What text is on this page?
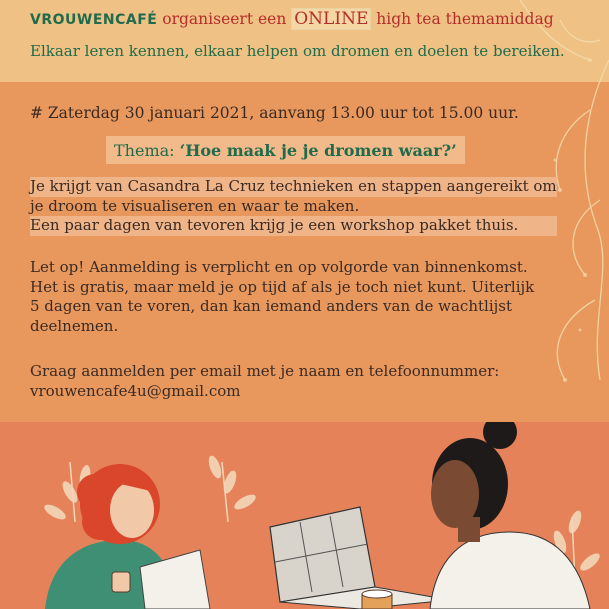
VROUWENCAFÉ organiseert een ONLINE high tea themamiddag
Elkaar leren kennen, elkaar helpen om dromen en doelen te bereiken.
# Zaterdag 30 januari 2021, aanvang 13.00 uur tot 15.00 uur.
Thema:
‘Hoe maak je je dromen waar?’
Je krijgt van Casandra La Cruz technieken en stappen aangereikt om
je droom te visualiseren en waar te maken.
Een paar dagen van tevoren krijg je een workshop pakket thuis.
Let op! Aanmelding is verplicht en op volgorde van binnenkomst.
Het is gratis, maar meld je op tijd af als je toch niet kunt. Uiterlijk
5 dagen van te voren, dan kan iemand anders van de wachtlijst
deelnemen.
Graag aanmelden per email met je naam en telefoonnummer:
vrouwencafe4u@gmail.com
